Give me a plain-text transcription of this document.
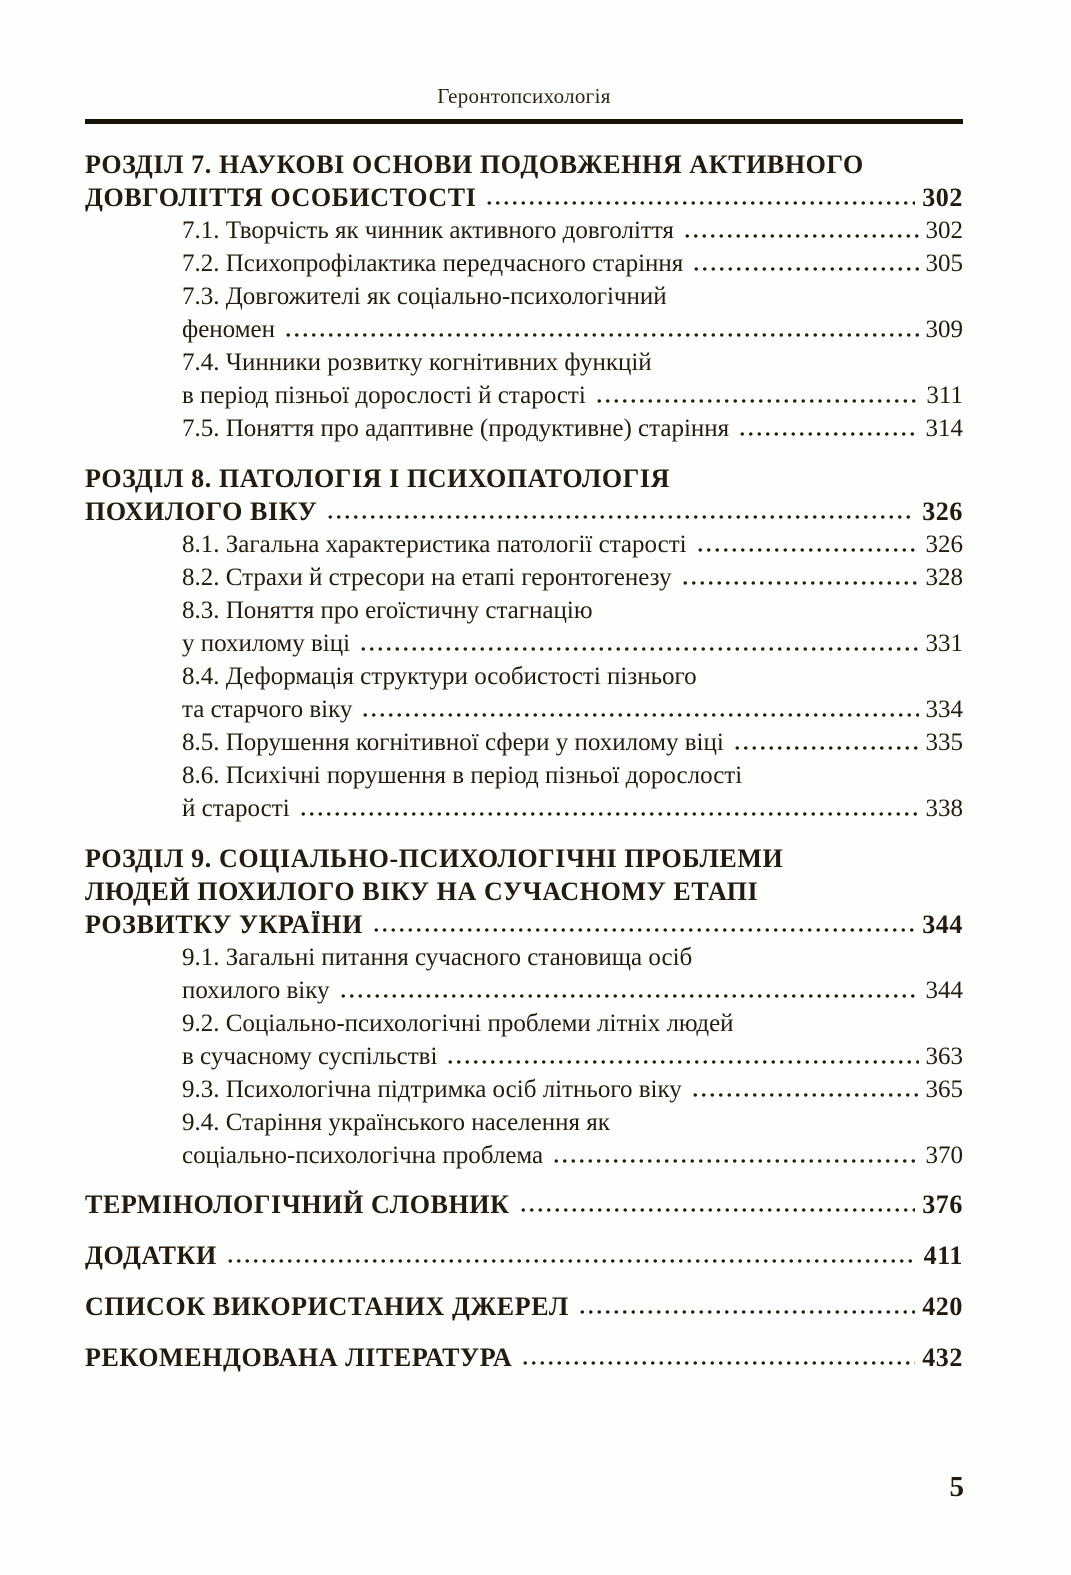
Геронтопсихологія
РОЗДІЛ 7. НАУКОВІ ОСНОВИ ПОДОВЖЕННЯ АКТИВНОГО
ДОВГОЛІТТЯ ОСОБИСТОСТІ	302
7.1. Творчість як чинник активного довголіття	302
7.2. Психопрофілактика передчасного старіння	305
7.3. Довгожителі як соціально-психологічний
феномен	309
7.4. Чинники розвитку когнітивних функцій
в період пізньої дорослості й старості	311
7.5. Поняття про адаптивне (продуктивне) старіння	314
РОЗДІЛ 8. ПАТОЛОГІЯ І ПСИХОПАТОЛОГІЯ
ПОХИЛОГО ВІКУ	326
8.1. Загальна характеристика патології старості	326
8.2. Страхи й стресори на етапі геронтогенезу	328
8.3. Поняття про егоїстичну стагнацію
у похилому віці	331
8.4. Деформація структури особистості пізнього
та старчого віку	334
8.5. Порушення когнітивної сфери у похилому віці	335
8.6. Психічні порушення в період пізньої дорослості
й старості	338
РОЗДІЛ 9. СОЦІАЛЬНО-ПСИХОЛОГІЧНІ ПРОБЛЕМИ
ЛЮДЕЙ ПОХИЛОГО ВІКУ НА СУЧАСНОМУ ЕТАПІ
РОЗВИТКУ УКРАЇНИ	344
9.1. Загальні питання сучасного становища осіб
похилого віку	344
9.2. Соціально-психологічні проблеми літніх людей
в сучасному суспільстві	363
9.3. Психологічна підтримка осіб літнього віку	365
9.4. Старіння українського населення як
соціально-психологічна проблема	370
ТЕРМІНОЛОГІЧНИЙ СЛОВНИК	376
ДОДАТКИ	411
СПИСОК ВИКОРИСТАНИХ ДЖЕРЕЛ	420
РЕКОМЕНДОВАНА ЛІТЕРАТУРА	432
5
